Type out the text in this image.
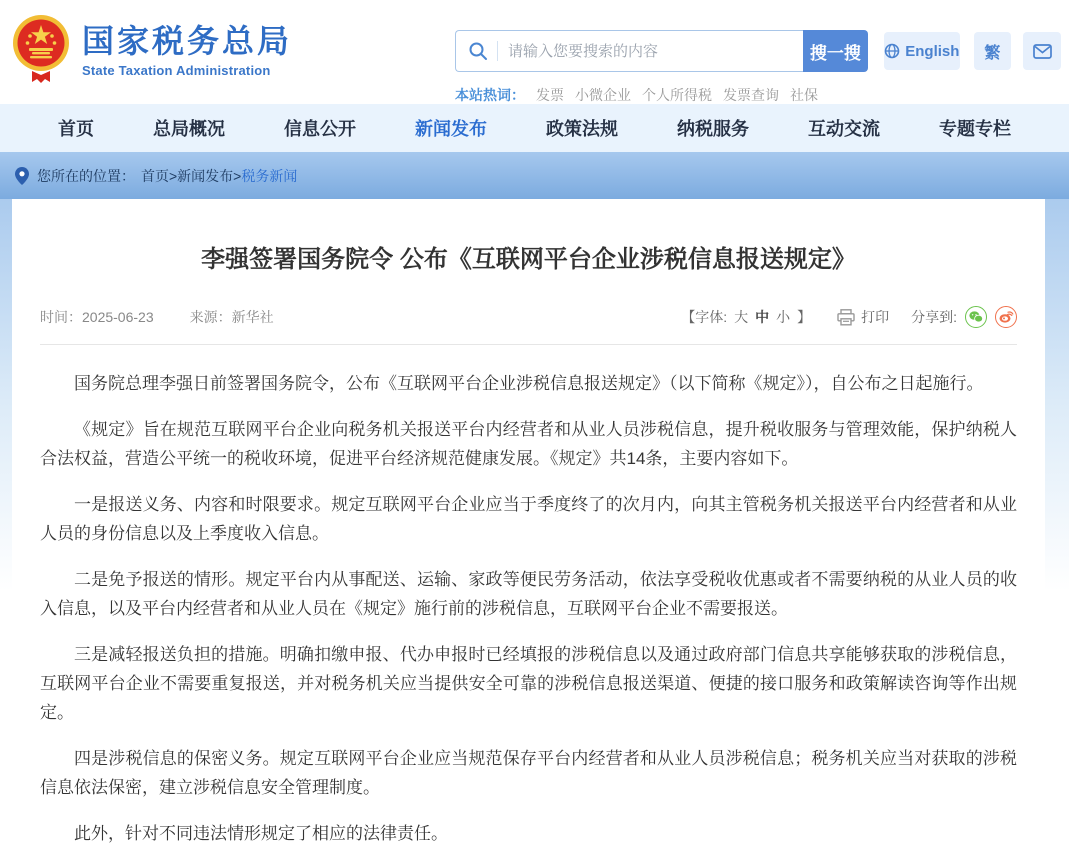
国家税务总局
State Taxation Administration
请输入您要搜索的内容
搜一搜	English	繁
本站热词： 发票 小微企业 个人所得税 发票查询 社保
首页	总局概况	信息公开	新闻发布	政策法规	纳税服务	互动交流	专题专栏
您所在的位置： 首页>新闻发布> 税务新闻
李强签署国务院令 公布《互联网平台企业涉税信息报送规定》
时间：2025-06-23	来源：新华社	【字体: 大 中 小 】	打印 分享到:

国务院总理李强日前签署国务院令，公布《互联网平台企业涉税信息报送规定》（以下简称《规定》），自公布之日起施行。

《规定》旨在规范互联网平台企业向税务机关报送平台内经营者和从业人员涉税信息，提升税收服务与管理效能，保护纳税人合法权益，营造公平统一的税收环境，促进平台经济规范健康发展。《规定》共14条，主要内容如下。

一是报送义务、内容和时限要求。规定互联网平台企业应当于季度终了的次月内，向其主管税务机关报送平台内经营者和从业人员的身份信息以及上季度收入信息。

二是免予报送的情形。规定平台内从事配送、运输、家政等便民劳务活动，依法享受税收优惠或者不需要纳税的从业人员的收入信息，以及平台内经营者和从业人员在《规定》施行前的涉税信息，互联网平台企业不需要报送。

三是减轻报送负担的措施。明确扣缴申报、代办申报时已经填报的涉税信息以及通过政府部门信息共享能够获取的涉税信息，互联网平台企业不需要重复报送，并对税务机关应当提供安全可靠的涉税信息报送渠道、便捷的接口服务和政策解读咨询等作出规定。

四是涉税信息的保密义务。规定互联网平台企业应当规范保存平台内经营者和从业人员涉税信息；税务机关应当对获取的涉税信息依法保密，建立涉税信息安全管理制度。

此外，针对不同违法情形规定了相应的法律责任。
